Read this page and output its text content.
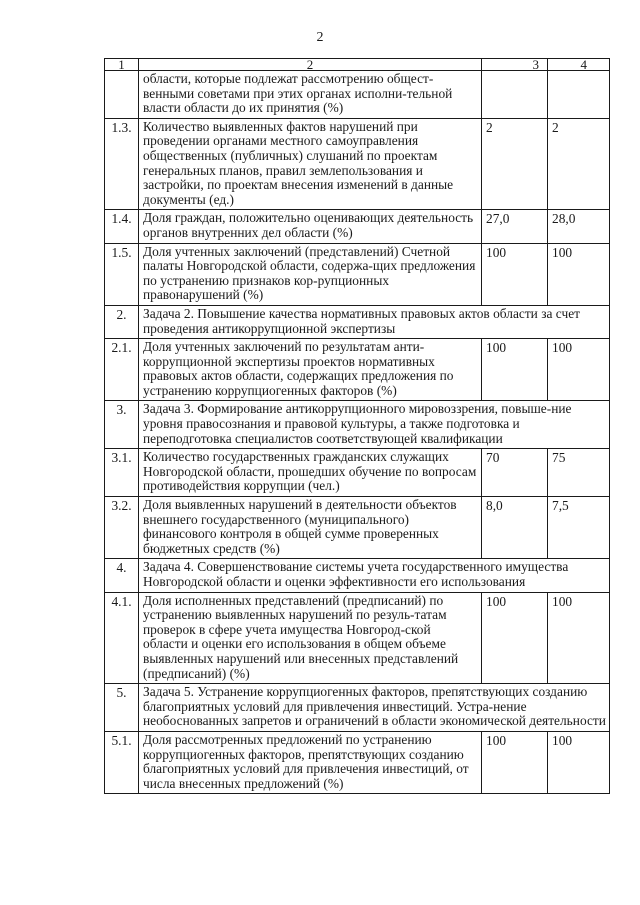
2
1	2	3	4
	области, которые подлежат рассмотрению общест-венными советами при этих органах исполни-тельной власти области до их принятия (%)		
1.3.	Количество выявленных фактов нарушений при проведении органами местного самоуправления общественных (публичных) слушаний по проектам генеральных планов, правил землепользования и застройки, по проектам внесения изменений в данные документы (ед.)	2	2
1.4.	Доля граждан, положительно оценивающих деятельность органов внутренних дел области (%)	27,0	28,0
1.5.	Доля учтенных заключений (представлений) Счетной палаты Новгородской области, содержа-щих предложения по устранению признаков кор-рупционных правонарушений (%)	100	100
2.	Задача 2. Повышение качества нормативных правовых актов области за счет проведения антикоррупционной экспертизы		
2.1.	Доля учтенных заключений по результатам анти-коррупционной экспертизы проектов нормативных правовых актов области, содержащих предложения по устранению коррупциогенных факторов (%)	100	100
3.	Задача 3. Формирование антикоррупционного мировоззрения, повыше-ние уровня правосознания и правовой культуры, а также подготовка и переподготовка специалистов соответствующей квалификации		
3.1.	Количество государственных гражданских служащих Новгородской области, прошедших обучение по вопросам противодействия коррупции (чел.)	70	75
3.2.	Доля выявленных нарушений в деятельности объектов внешнего государственного (муниципального) финансового контроля в общей сумме проверенных бюджетных средств (%)	8,0	7,5
4.	Задача 4. Совершенствование системы учета государственного имущества Новгородской области и оценки эффективности его использования		
4.1.	Доля исполненных представлений (предписаний) по устранению выявленных нарушений по резуль-татам проверок в сфере учета имущества Новгород-ской области и оценки его использования в общем объеме выявленных нарушений или внесенных представлений (предписаний) (%)	100	100
5.	Задача 5. Устранение коррупциогенных факторов, препятствующих созданию благоприятных условий для привлечения инвестиций. Устра-нение необоснованных запретов и ограничений в области экономической деятельности		
5.1.	Доля рассмотренных предложений по устранению коррупциогенных факторов, препятствующих созданию благоприятных условий для привлечения инвестиций, от числа внесенных предложений (%)	100	100
